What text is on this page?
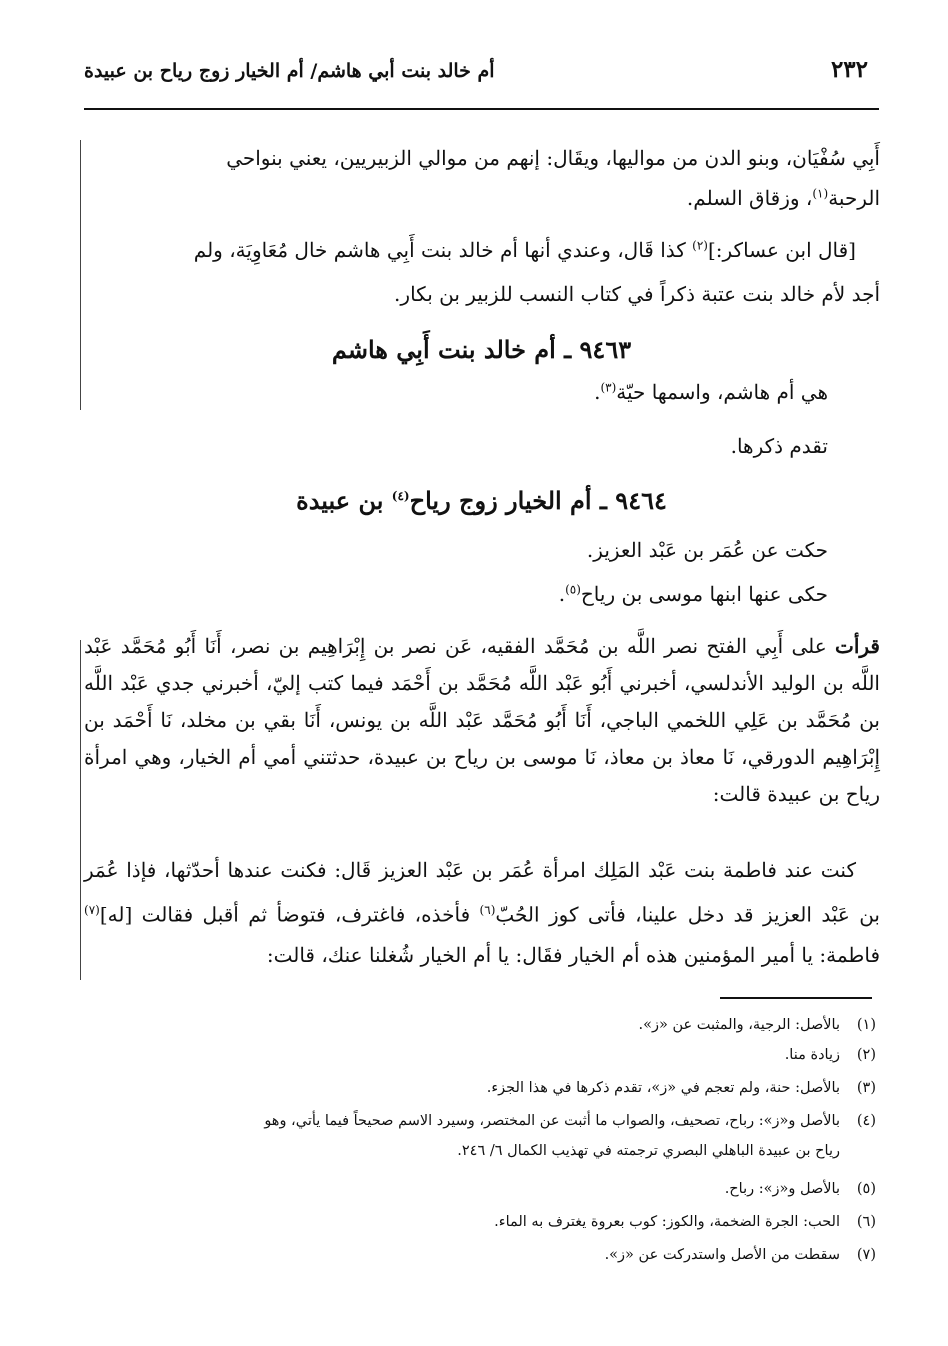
٢٣٢
أم خالد بنت أبي هاشم/ أم الخيار زوج رياح بن عبيدة
أَبِي سُفْيَان، وبنو الدن من مواليها، ويقَال: إنهم من موالي الزبيريين، يعني بنواحي
الرحبة$^{(١)}$، وزقاق السلم.
[قال ابن عساكر:]$^{(٢)}$ كذا قَال، وعندي أنها أم خالد بنت أَبِي هاشم خال مُعَاوِيَة، ولم
أجد لأم خالد بنت عتبة ذكراً في كتاب النسب للزبير بن بكار.
٩٤٦٣ ـ أم خالد بنت أَبِي هاشم
هي أم هاشم، واسمها حيّة$^{(٣)}$.
تقدم ذكرها.
٩٤٦٤ ـ أم الخيار زوج رياح$^{(٤)}$ بن عبيدة
حكت عن عُمَر بن عَبْد العزيز.
حكى عنها ابنها موسى بن رياح$^{(٥)}$.
قرأت على أَبِي الفتح نصر اللَّه بن مُحَمَّد الفقيه، عَن نصر بن إِبْرَاهِيم بن نصر، أَنَا أَبُو مُحَمَّد عَبْد اللَّه بن الوليد الأندلسي، أخبرني أَبُو عَبْد اللَّه مُحَمَّد بن أَحْمَد فيما كتب إليّ، أخبرني جدي عَبْد اللَّه بن مُحَمَّد بن عَلِي اللخمي الباجي، أَنَا أَبُو مُحَمَّد عَبْد اللَّه بن يونس، أَنَا بقي بن مخلد، نَا أَحْمَد بن إِبْرَاهِيم الدورقي، نَا معاذ بن معاذ، نَا موسى بن رياح بن عبيدة، حدثتني أمي أم الخيار، وهي امرأة رياح بن عبيدة قالت:
كنت عند فاطمة بنت عَبْد المَلِك امرأة عُمَر بن عَبْد العزيز قَال: فكنت عندها أحدّثها، فإذا عُمَر بن عَبْد العزيز قد دخل علينا، فأتى كوز الحُبّ$^{(٦)}$ فأخذه، فاغترف، فتوضأ ثم أقبل فقالت [له]$^{(٧)}$ فاطمة: يا أمير المؤمنين هذه أم الخيار فقَال: يا أم الخيار شُغلنا عنك، قالت:
(١)بالأصل: الرجية، والمثبت عن «ز».
(٢)زيادة منا.
(٣)بالأصل: حنة، ولم تعجم في «ز»، تقدم ذكرها في هذا الجزء.
(٤)بالأصل و«ز»: رباح، تصحيف، والصواب ما أثبت عن المختصر، وسيرد الاسم صحيحاً فيما يأتي، وهو
رياح بن عبيدة الباهلي البصري ترجمته في تهذيب الكمال ٦/ ٢٤٦.
(٥)بالأصل و«ز»: رباح.
(٦)الحب: الجرة الضخمة، والكوز: كوب بعروة يغترف به الماء.
(٧)سقطت من الأصل واستدركت عن «ز».
